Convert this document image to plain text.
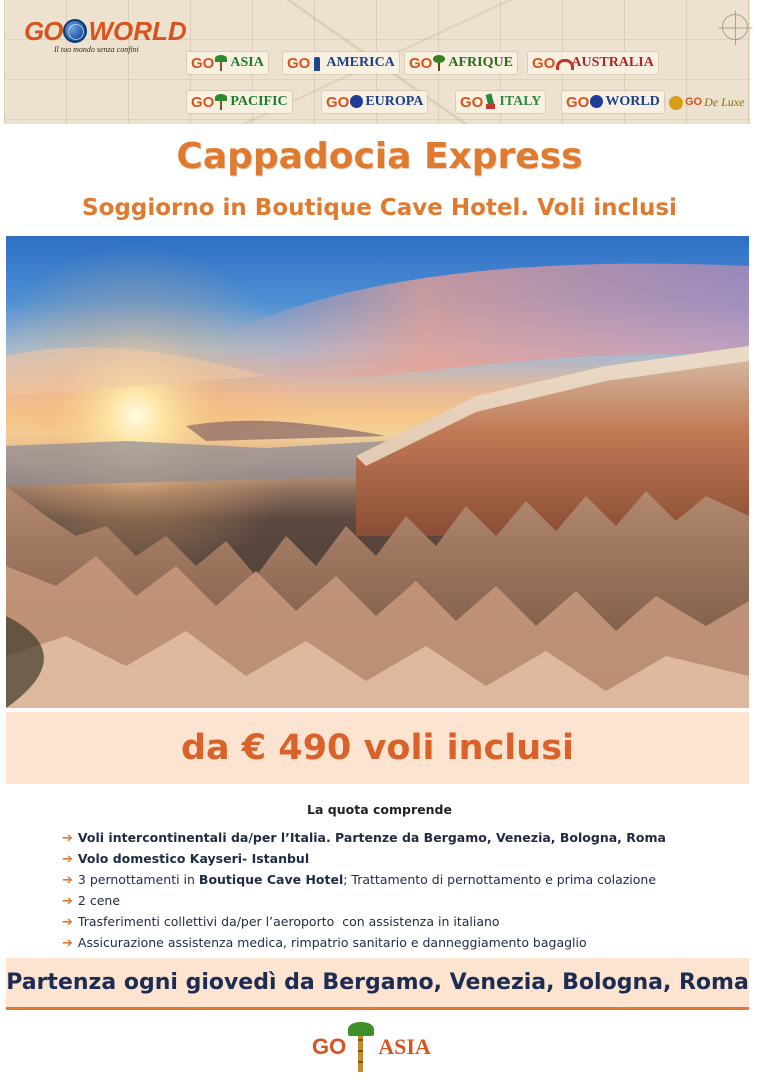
GO WORLD
Il tuo mondo senza confini
GO ASIA GO AMERICA GO AFRIQUE GO AUSTRALIA
GO PACIFIC	GO EUROPA GO ITALY GO WORLD GO De Luxe
Cappadocia Express
Soggiorno in Boutique Cave Hotel. Voli inclusi
da € 490 voli inclusi
La quota comprende
➔ Voli intercontinentali da/per l’Italia. Partenze da Bergamo, Venezia, Bologna, Roma
➔ Volo domestico Kayseri- Istanbul
➔ 3 pernottamenti in Boutique Cave Hotel ; Trattamento di pernottamento e prima colazione
➔ 2 cene
➔ Trasferimenti collettivi da/per l’aeroporto  con assistenza in italiano
➔ Assicurazione assistenza medica, rimpatrio sanitario e danneggiamento bagaglio
Partenza ogni giovedì da Bergamo, Venezia, Bologna, Roma
GO ASIA
